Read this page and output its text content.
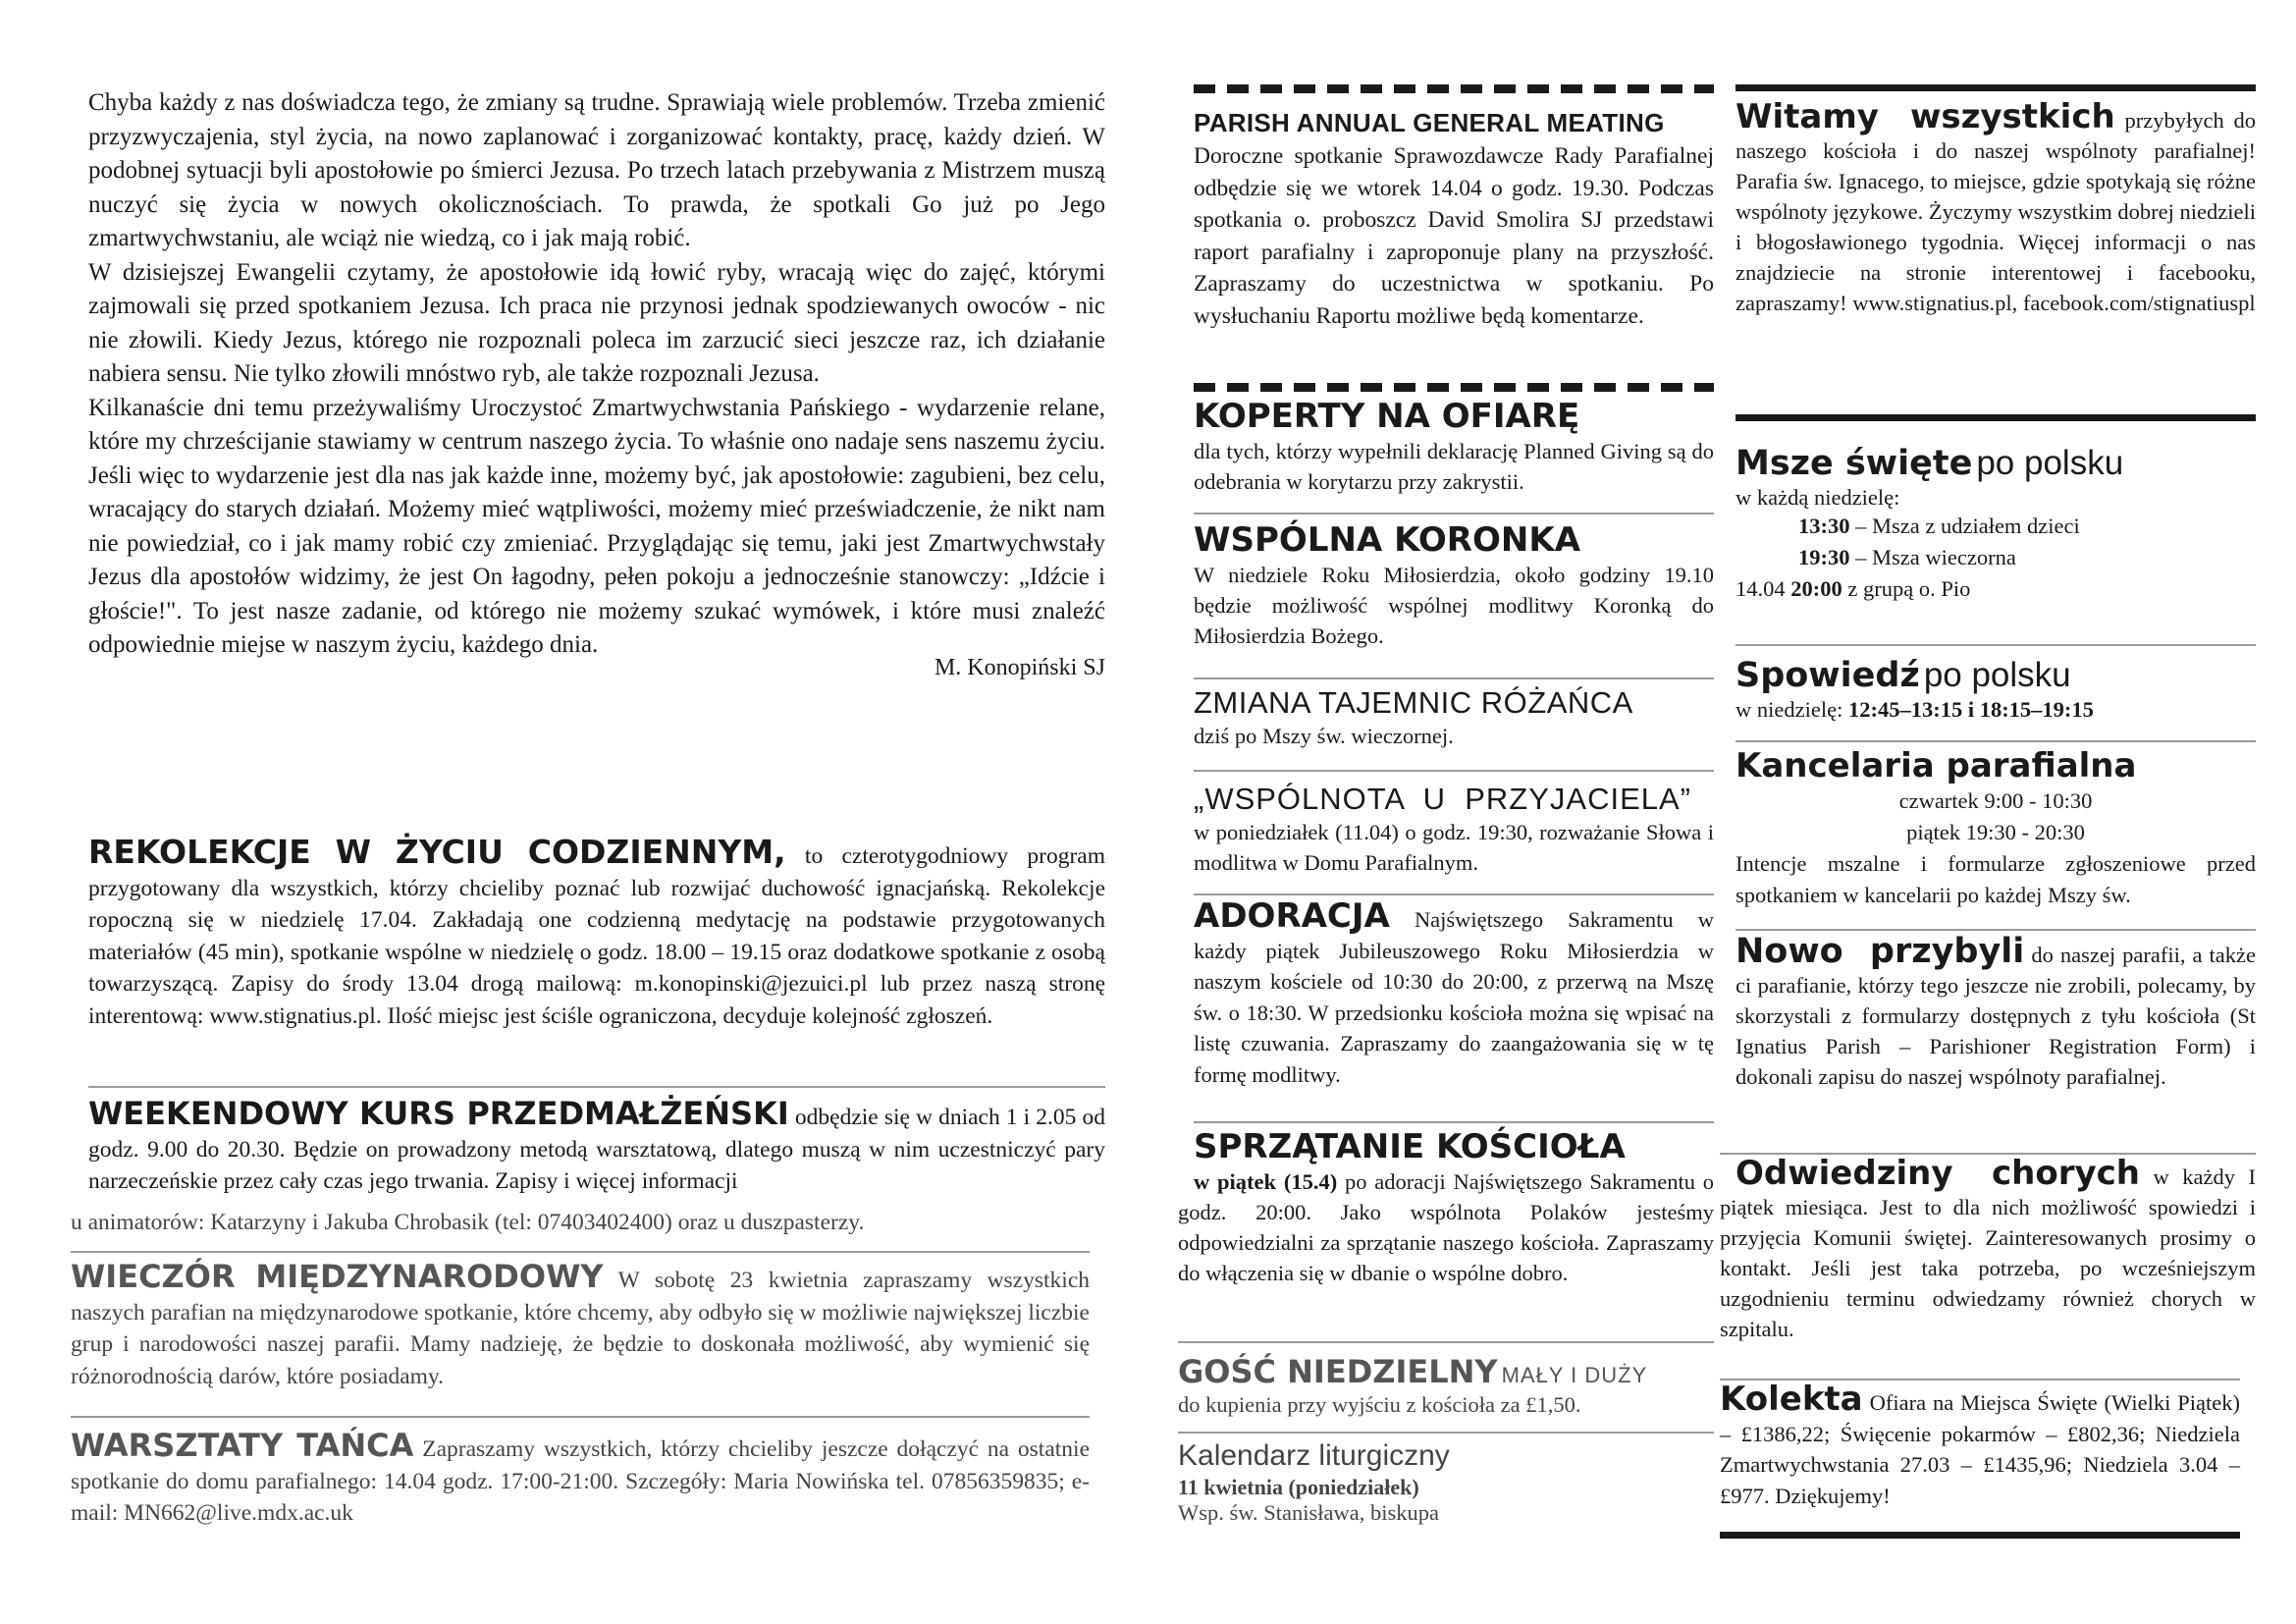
Chyba każdy z nas doświadcza tego, że zmiany są trudne. Sprawiają wiele problemów. Trzeba zmienić przyzwyczajenia, styl życia, na nowo zaplanować i zorganizować kontakty, pracę, każdy dzień. W podobnej sytuacji byli apostołowie po śmierci Jezusa. Po trzech latach przebywania z Mistrzem muszą nuczyć się życia w nowych okolicznościach. To prawda, że spotkali Go już po Jego zmartwychwstaniu, ale wciąż nie wiedzą, co i jak mają robić.

W dzisiejszej Ewangelii czytamy, że apostołowie idą łowić ryby, wracają więc do zajęć, którymi zajmowali się przed spotkaniem Jezusa. Ich praca nie przynosi jednak spodziewanych owoców - nic nie złowili. Kiedy Jezus, którego nie rozpoznali poleca im zarzucić sieci jeszcze raz, ich działanie nabiera sensu. Nie tylko złowili mnóstwo ryb, ale także rozpoznali Jezusa.

Kilkanaście dni temu przeżywaliśmy Uroczystoć Zmartwychwstania Pańskiego - wydarzenie relane, które my chrześcijanie stawiamy w centrum naszego życia. To właśnie ono nadaje sens naszemu życiu. Jeśli więc to wydarzenie jest dla nas jak każde inne, możemy być, jak apostołowie: zagubieni, bez celu, wracający do starych działań. Możemy mieć wątpliwości, możemy mieć przeświadczenie, że nikt nam nie powiedział, co i jak mamy robić czy zmieniać. Przyglądając się temu, jaki jest Zmartwychwstały Jezus dla apostołów widzimy, że jest On łagodny, pełen pokoju a jednocześnie stanowczy: „Idźcie i głoście!". To jest nasze zadanie, od którego nie możemy szukać wymówek, i które musi znaleźć odpowiednie miejse w naszym życiu, każdego dnia.

M. Konopiński SJ
REKOLEKCJE W ŻYCIU CODZIENNYM, to czterotygodniowy program przygotowany dla wszystkich, którzy chcieliby poznać lub rozwijać duchowość ignacjańską. Rekolekcje ropoczną się w niedzielę 17.04. Zakładają one codzienną medytację na podstawie przygotowanych materiałów (45 min), spotkanie wspólne w niedzielę o godz. 18.00 – 19.15 oraz dodatkowe spotkanie z osobą towarzyszącą. Zapisy do środy 13.04 drogą mailową: m.konopinski@jezuici.pl lub przez naszą stronę interentową: www.stignatius.pl. Ilość miejsc jest ściśle ograniczona, decyduje kolejność zgłoszeń.
WEEKENDOWY KURS PRZEDMAŁŻEŃSKI odbędzie się w dniach 1 i 2.05 od godz. 9.00 do 20.30. Będzie on prowadzony metodą warsztatową, dlatego muszą w nim uczestniczyć pary narzeczeńskie przez cały czas jego trwania. Zapisy i więcej informacji
u animatorów: Katarzyny i Jakuba Chrobasik (tel: 07403402400) oraz u duszpasterzy.
WIECZÓR MIĘDZYNARODOWY W sobotę 23 kwietnia zapraszamy wszystkich naszych parafian na międzynarodowe spotkanie, które chcemy, aby odbyło się w możliwie największej liczbie grup i narodowości naszej parafii. Mamy nadzieję, że będzie to doskonała możliwość, aby wymienić się różnorodnością darów, które posiadamy.
WARSZTATY TAŃCA Zapraszamy wszystkich, którzy chcieliby jeszcze dołączyć na ostatnie spotkanie do domu parafialnego: 14.04 godz. 17:00-21:00. Szczegóły: Maria Nowińska tel. 07856359835; e-mail: MN662@live.mdx.ac.uk
PARISH ANNUAL GENERAL MEATING
Doroczne spotkanie Sprawozdawcze Rady Parafialnej odbędzie się we wtorek 14.04 o godz. 19.30. Podczas spotkania o. proboszcz David Smolira SJ przedstawi raport parafialny i zaproponuje plany na przyszłość. Zapraszamy do uczestnictwa w spotkaniu. Po wysłuchaniu Raportu możliwe będą komentarze.
KOPERTY NA OFIARĘ
dla tych, którzy wypełnili deklarację Planned Giving są do odebrania w korytarzu przy zakrystii.
WSPÓLNA KORONKA
W niedziele Roku Miłosierdzia, około godziny 19.10 będzie możliwość wspólnej modlitwy Koronką do Miłosierdzia Bożego.
ZMIANA TAJEMNIC RÓŻAŃCA
dziś po Mszy św. wieczornej.
„WSPÓLNOTA  U  PRZYJACIELA”
w poniedziałek (11.04) o godz. 19:30, rozważanie Słowa i modlitwa w Domu Parafialnym.
ADORACJA Najświętszego Sakramentu w każdy piątek Jubileuszowego Roku Miłosierdzia w naszym kościele od 10:30 do 20:00, z przerwą na Mszę św. o 18:30. W przedsionku kościoła można się wpisać na listę czuwania. Zapraszamy do zaangażowania się w tę formę modlitwy.
SPRZĄTANIE KOŚCIOŁA
w piątek (15.4) po adoracji Najświętszego Sakramentu o godz. 20:00. Jako wspólnota Polaków jesteśmy odpowiedzialni za sprzątanie naszego kościoła. Zapraszamy do włączenia się w dbanie o wspólne dobro.
GOŚĆ NIEDZIELNY MAŁY I DUŻY
do kupienia przy wyjściu z kościoła za £1,50.
Kalendarz liturgiczny
11 kwietnia (poniedziałek)
Wsp. św. Stanisława, biskupa
Witamy  wszystkich przybyłych do naszego kościoła i do naszej wspólnoty parafialnej! Parafia św. Ignacego, to miejsce, gdzie spotykają się różne wspólnoty językowe. Życzymy wszystkim dobrej niedzieli i błogosławionego tygodnia. Więcej informacji o nas znajdziecie na stronie interentowej i facebooku, zapraszamy! www.stignatius.pl, facebook.com/stignatiuspl
Msze święte po polsku
w każdą niedzielę:
13:30 – Msza z udziałem dzieci
19:30 – Msza wieczorna
14.04 20:00 z grupą o. Pio
Spowiedź po polsku
w niedzielę: 12:45–13:15 i 18:15–19:15
Kancelaria parafialna
czwartek 9:00 - 10:30
piątek 19:30 - 20:30
Intencje mszalne i formularze zgłoszeniowe przed spotkaniem w kancelarii po każdej Mszy św.
Nowo  przybyli do naszej parafii, a także ci parafianie, którzy tego jeszcze nie zrobili, polecamy, by skorzystali z formularzy dostępnych z tyłu kościoła (St Ignatius Parish – Parishioner Registration Form) i dokonali zapisu do naszej wspólnoty parafialnej.
Odwiedziny  chorych w każdy I piątek miesiąca. Jest to dla nich możliwość spowiedzi i przyjęcia Komunii świętej. Zainteresowanych prosimy o kontakt. Jeśli jest taka potrzeba, po wcześniejszym uzgodnieniu terminu odwiedzamy również chorych w szpitalu.
Kolekta Ofiara na Miejsca Święte (Wielki Piątek) – £1386,22; Święcenie pokarmów – £802,36; Niedziela Zmartwychwstania 27.03 – £1435,96; Niedziela 3.04 – £977. Dziękujemy!
